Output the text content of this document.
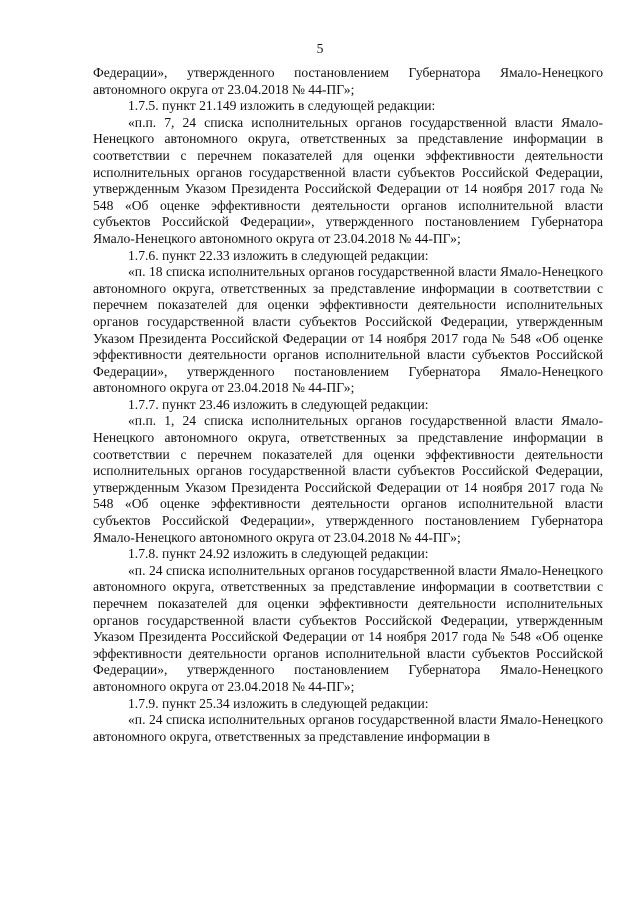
5

Федерации», утвержденного постановлением Губернатора Ямало-Ненецкого автономного округа от 23.04.2018 № 44-ПГ»;

1.7.5. пункт 21.149 изложить в следующей редакции:

«п.п. 7, 24 списка исполнительных органов государственной власти Ямало-Ненецкого автономного округа, ответственных за представление информации в соответствии с перечнем показателей для оценки эффективности деятельности исполнительных органов государственной власти субъектов Российской Федерации, утвержденным Указом Президента Российской Федерации от 14 ноября 2017 года № 548 «Об оценке эффективности деятельности органов исполнительной власти субъектов Российской Федерации», утвержденного постановлением Губернатора Ямало-Ненецкого автономного округа от 23.04.2018 № 44-ПГ»;

1.7.6. пункт 22.33 изложить в следующей редакции:

«п. 18 списка исполнительных органов государственной власти Ямало-Ненецкого автономного округа, ответственных за представление информации в соответствии с перечнем показателей для оценки эффективности деятельности исполнительных органов государственной власти субъектов Российской Федерации, утвержденным Указом Президента Российской Федерации от 14 ноября 2017 года № 548 «Об оценке эффективности деятельности органов исполнительной власти субъектов Российской Федерации», утвержденного постановлением Губернатора Ямало-Ненецкого автономного округа от 23.04.2018 № 44-ПГ»;

1.7.7. пункт 23.46 изложить в следующей редакции:

«п.п. 1, 24 списка исполнительных органов государственной власти Ямало-Ненецкого автономного округа, ответственных за представление информации в соответствии с перечнем показателей для оценки эффективности деятельности исполнительных органов государственной власти субъектов Российской Федерации, утвержденным Указом Президента Российской Федерации от 14 ноября 2017 года № 548 «Об оценке эффективности деятельности органов исполнительной власти субъектов Российской Федерации», утвержденного постановлением Губернатора Ямало-Ненецкого автономного округа от 23.04.2018 № 44-ПГ»;

1.7.8. пункт 24.92 изложить в следующей редакции:

«п. 24 списка исполнительных органов государственной власти Ямало-Ненецкого автономного округа, ответственных за представление информации в соответствии с перечнем показателей для оценки эффективности деятельности исполнительных органов государственной власти субъектов Российской Федерации, утвержденным Указом Президента Российской Федерации от 14 ноября 2017 года № 548 «Об оценке эффективности деятельности органов исполнительной власти субъектов Российской Федерации», утвержденного постановлением Губернатора Ямало-Ненецкого автономного округа от 23.04.2018 № 44-ПГ»;

1.7.9. пункт 25.34 изложить в следующей редакции:

«п. 24 списка исполнительных органов государственной власти Ямало-Ненецкого автономного округа, ответственных за представление информации в
